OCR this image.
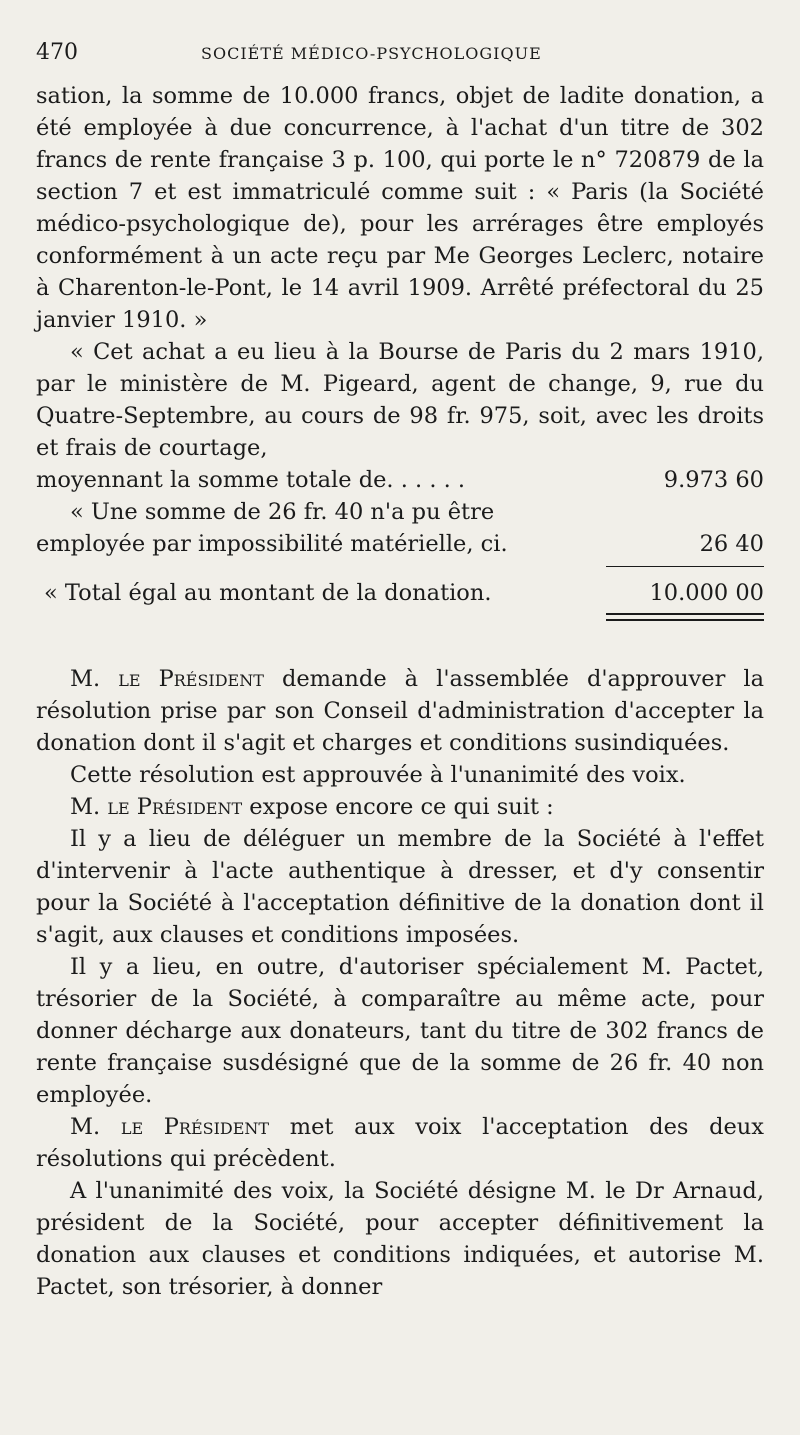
470	SOCIÉTÉ MÉDICO-PSYCHOLOGIQUE

sation, la somme de 10.000 francs, objet de ladite donation, a été employée à due concurrence, à l'achat d'un titre de 302 francs de rente française 3 p. 100, qui porte le n° 720879 de la section 7 et est immatriculé comme suit : « Paris (la Société médico-psychologique de), pour les arrérages être employés conformément à un acte reçu par Me Georges Leclerc, notaire à Charenton-le-Pont, le 14 avril 1909. Arrêté préfectoral du 25 janvier 1910. »

« Cet achat a eu lieu à la Bourse de Paris du 2 mars 1910, par le ministère de M. Pigeard, agent de change, 9, rue du Quatre-Septembre, au cours de 98 fr. 975, soit, avec les droits et frais de courtage,

moyennant la somme totale de. . . . . .	9.973 60

« Une somme de 26 fr. 40 n'a pu être

employée par impossibilité matérielle, ci.	26 40
« Total égal au montant de la donation.	10.000 00

M. le Président demande à l'assemblée d'approuver la résolution prise par son Conseil d'administration d'accepter la donation dont il s'agit et charges et conditions susindiquées.

Cette résolution est approuvée à l'unanimité des voix.

M. le Président expose encore ce qui suit :

Il y a lieu de déléguer un membre de la Société à l'effet d'intervenir à l'acte authentique à dresser, et d'y consentir pour la Société à l'acceptation définitive de la donation dont il s'agit, aux clauses et conditions imposées.

Il y a lieu, en outre, d'autoriser spécialement M. Pactet, trésorier de la Société, à comparaître au même acte, pour donner décharge aux donateurs, tant du titre de 302 francs de rente française susdésigné que de la somme de 26 fr. 40 non employée.

M. le Président met aux voix l'acceptation des deux résolutions qui précèdent.

A l'unanimité des voix, la Société désigne M. le Dr Arnaud, président de la Société, pour accepter définitivement la donation aux clauses et conditions indiquées, et autorise M. Pactet, son trésorier, à donner
